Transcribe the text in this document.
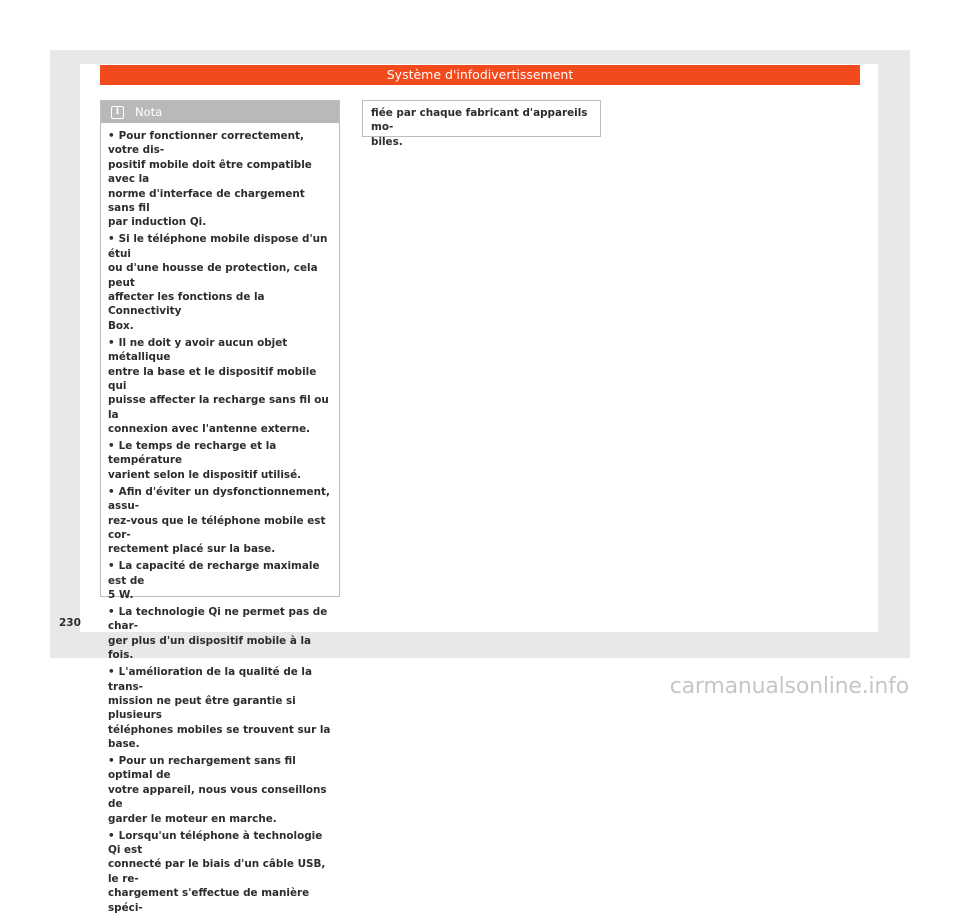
Système d'infodivertissement
i	Nota
• Pour fonctionner correctement, votre dis-
positif mobile doit être compatible avec la
norme d'interface de chargement sans fil
par induction Qi.
• Si le téléphone mobile dispose d'un étui
ou d'une housse de protection, cela peut
affecter les fonctions de la Connectivity
Box.
• Il ne doit y avoir aucun objet métallique
entre la base et le dispositif mobile qui
puisse affecter la recharge sans fil ou la
connexion avec l'antenne externe.
• Le temps de recharge et la température
varient selon le dispositif utilisé.
• Afin d'éviter un dysfonctionnement, assu-
rez-vous que le téléphone mobile est cor-
rectement placé sur la base.
• La capacité de recharge maximale est de
5 W.
• La technologie Qi ne permet pas de char-
ger plus d'un dispositif mobile à la fois.
• L'amélioration de la qualité de la trans-
mission ne peut être garantie si plusieurs
téléphones mobiles se trouvent sur la base.
• Pour un rechargement sans fil optimal de
votre appareil, nous vous conseillons de
garder le moteur en marche.
• Lorsqu'un téléphone à technologie Qi est
connecté par le biais d'un câble USB, le re-
chargement s'effectue de manière spéci-
fiée par chaque fabricant d'appareils mo-
biles.
230
carmanualsonline.info
